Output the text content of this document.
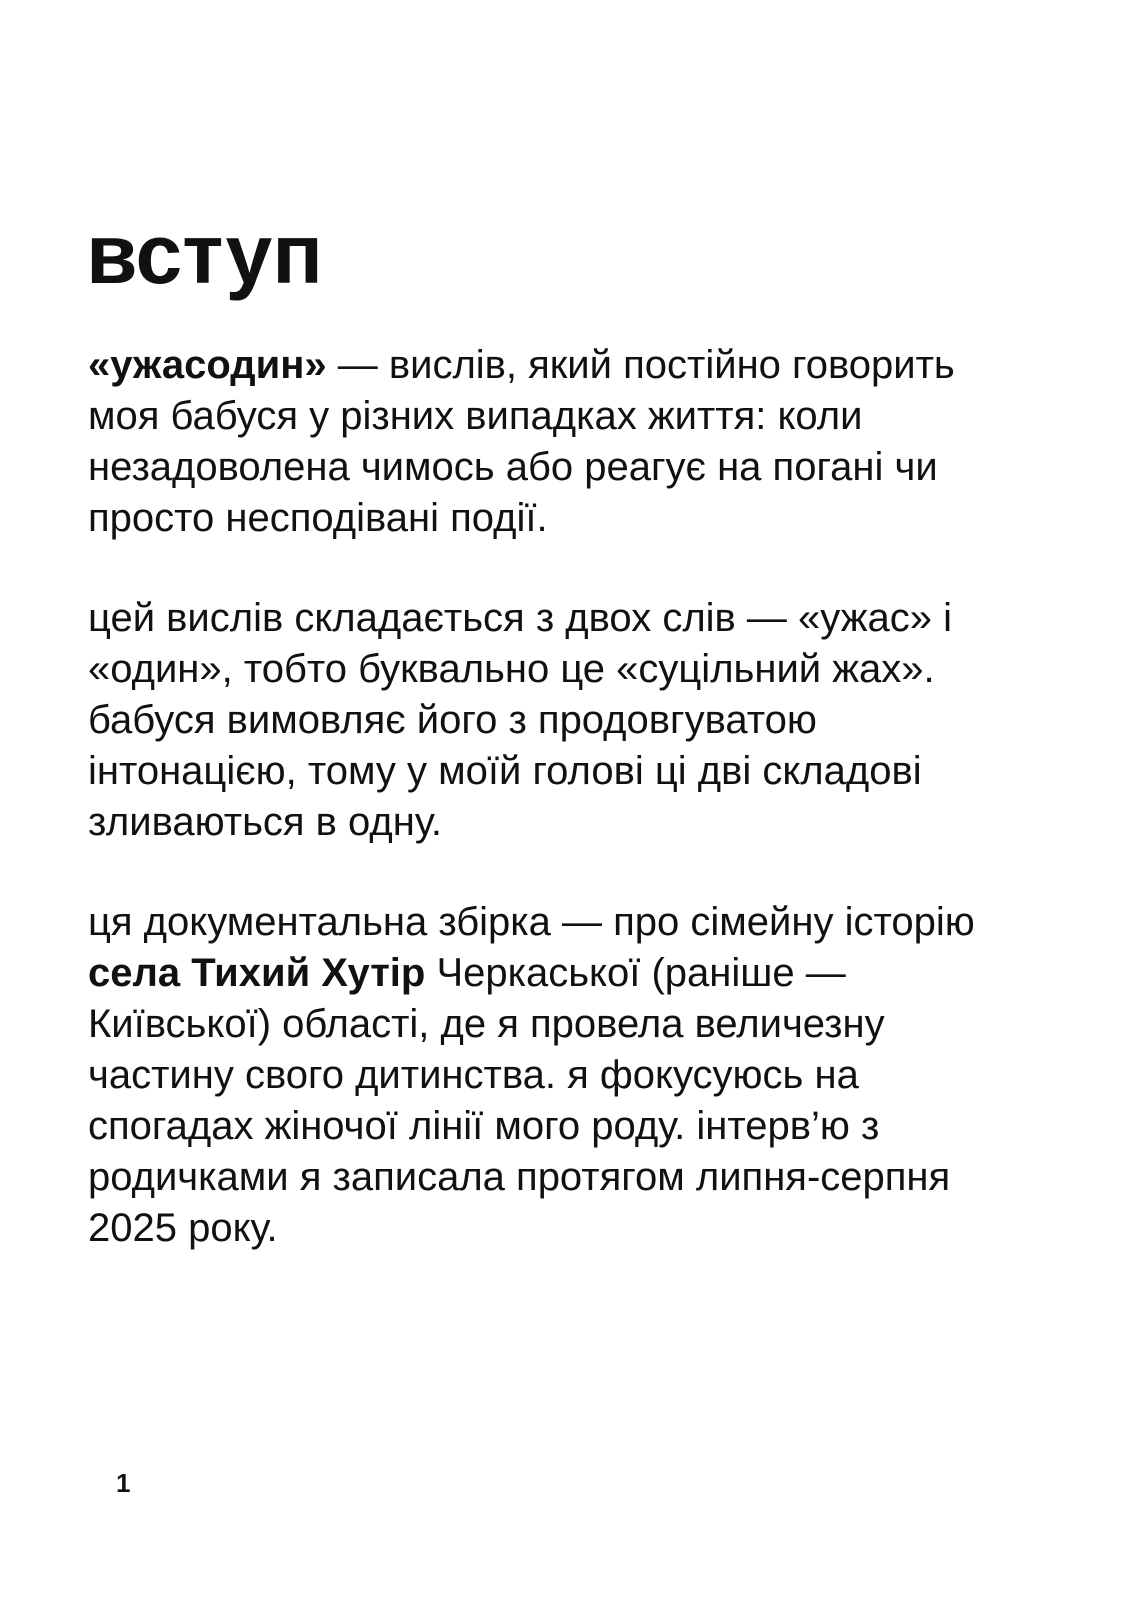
вступ

«ужасодин» — вислів, який постійно говорить моя бабуся у різних випадках життя: коли незадоволена чимось або реагує на погані чи просто несподівані події.

цей вислів складається з двох слів — «ужас» і «один», тобто буквально це «суцільний жах». бабуся вимовляє його з продовгуватою інтонацією, тому у моїй голові ці дві складові зливаються в одну.

ця документальна збірка — про сімейну історію села Тихий Хутір Черкаської (раніше — Київської) області, де я провела величезну частину свого дитинства. я фокусуюсь на спогадах жіночої лінії мого роду. інтерв’ю з родичками я записала протягом липня-серпня 2025 року.

1
